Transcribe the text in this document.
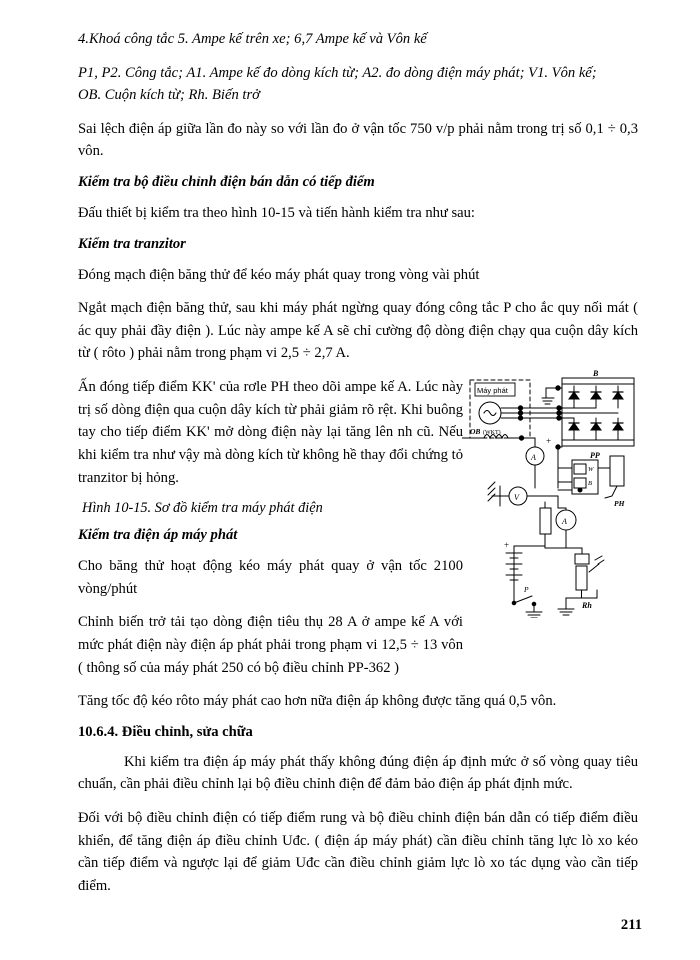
4.Khoá công tắc 5. Ampe kế trên xe; 6,7 Ampe kế và Vôn kế

P1, P2. Công tắc; A1. Ampe kế đo dòng kích từ; A2. đo dòng điện máy phát; V1. Vôn kế;

OB. Cuộn kích từ; Rh. Biến trở

Sai lệch điện áp giữa lần đo này so với lần đo ở vận tốc 750 v/p phải nằm trong trị số 0,1 ÷ 0,3 vôn.

Kiểm tra bộ điều chỉnh điện bán dẫn có tiếp điểm

Đấu thiết bị kiểm tra theo hình 10-15 và tiến hành kiểm tra như sau:

Kiểm tra tranzitor

Đóng mạch điện băng thử để kéo máy phát quay trong vòng vài phút

Ngắt mạch điện băng thử, sau khi máy phát ngừng quay đóng công tắc P cho ắc quy nối mát ( ác quy phải đầy điện ). Lúc này ampe kế A sẽ chỉ cường độ dòng điện chạy qua cuộn dây kích từ ( rôto ) phải nằm trong phạm vi 2,5 ÷ 2,7 A.

Ấn đóng tiếp điểm KK' của rơle PH theo dõi ampe kế A. Lúc này trị số dòng điện qua cuộn dây kích từ phải giảm rõ rệt. Khi buông tay cho tiếp điểm KK' mở dòng điện này lại tăng lên nh cũ. Nếu khi kiểm tra như vậy mà dòng kích từ không hề thay đổi chứng tỏ tranzitor bị hỏng.

Hình 10-15. Sơ đồ kiểm tra máy phát điện

Kiểm tra điện áp máy phát

Cho băng thử hoạt động kéo máy phát quay ở vận tốc 2100 vòng/phút

Chỉnh biến trở tải tạo dòng điện tiêu thụ 28 A ở ampe kế A với mức phát điện này điện áp phát phải trong phạm vi 12,5 ÷ 13 vôn ( thông số của máy phát 250 có bộ điều chỉnh PP-362 )

Tăng tốc độ kéo rôto máy phát cao hơn nữa điện áp không được tăng quá 0,5 vôn.

10.6.4. Điều chỉnh, sửa chữa

Khi kiểm tra điện áp máy phát thấy không đúng điện áp định mức ở số vòng quay tiêu chuẩn, cần phải điều chỉnh lại bộ điều chỉnh điện để đảm bảo điện áp phát định mức.

Đối với bộ điều chỉnh điện có tiếp điểm rung và bộ điều chỉnh điện bán dẫn có tiếp điểm điều khiển, để tăng điện áp điều chỉnh Uđc. ( điện áp máy phát) cần điều chỉnh tăng lực lò xo kéo cần tiếp điểm và ngược lại để giảm Uđc cần điều chỉnh giảm lực lò xo tác dụng vào cần tiếp điểm.

Máy phát
OB (WKT)
B
+
A	PP
W
B
PH
V
A
+
P
Rh
211
